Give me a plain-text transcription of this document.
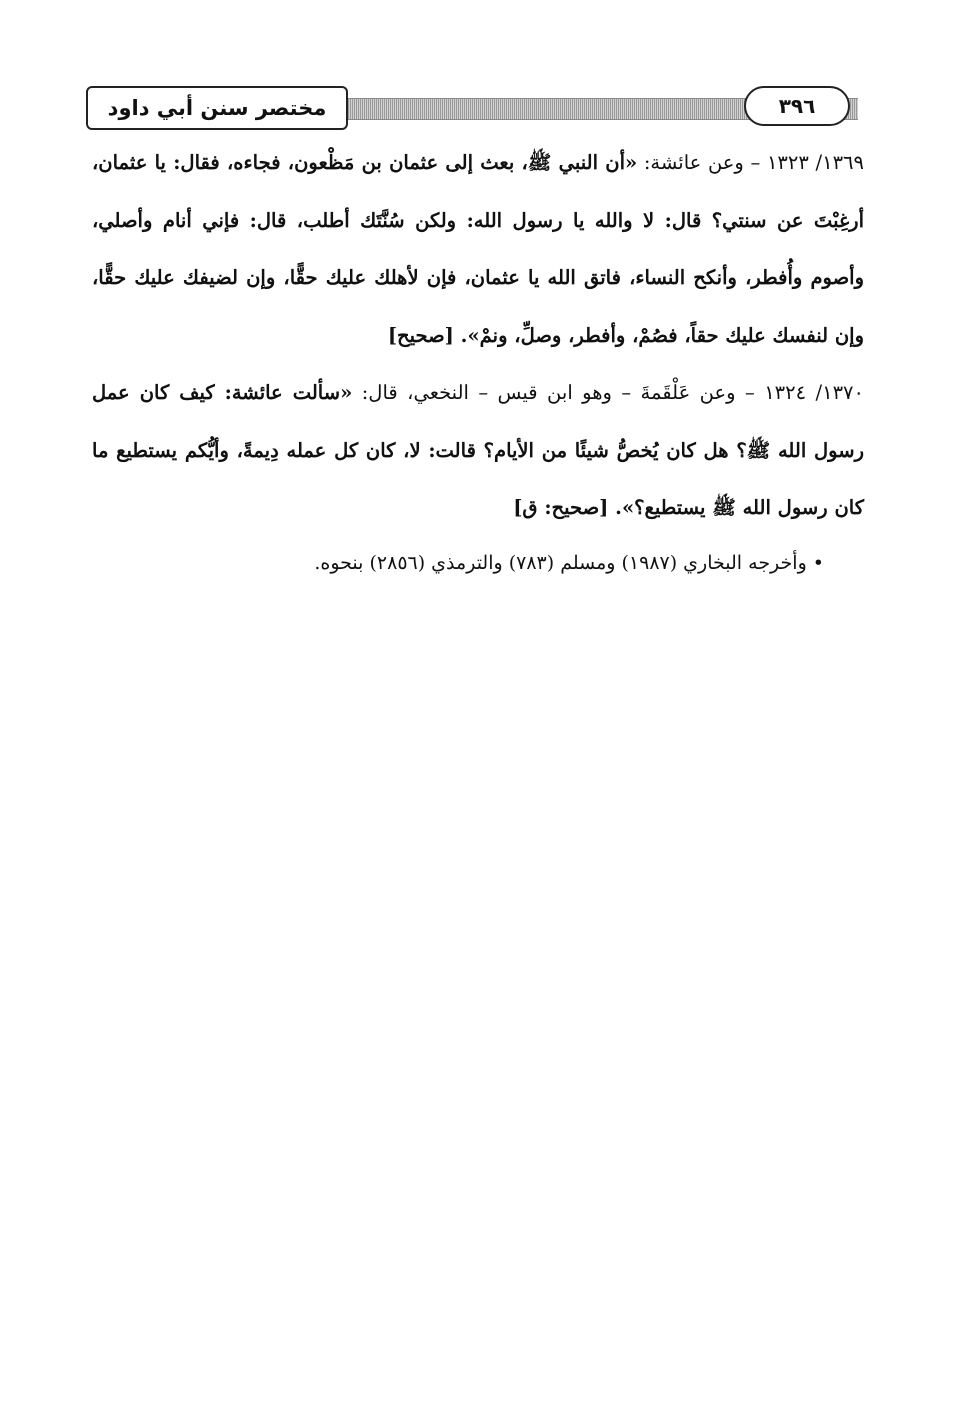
مختصر سنن أبي داود	٣٩٦

١٣٦٩/ ١٣٢٣ – وعن عائشة: «أن النبي ﷺ، بعث إلى عثمان بن مَظْعون، فجاءه، فقال: يا عثمان، أرغِبْتَ عن سنتي؟ قال: لا والله يا رسول الله: ولكن سُنَّتَك أطلب، قال: فإني أنام وأصلي، وأصوم وأُفطر، وأنكح النساء، فاتق الله يا عثمان، فإن لأهلك عليك حقًّا، وإن لضيفك عليك حقًّا، وإن لنفسك عليك حقاً، فصُمْ، وأفطر، وصلِّ، ونمْ». [صحيح]

١٣٧٠/ ١٣٢٤ – وعن عَلْقَمةَ – وهو ابن قيس – النخعي، قال: «سألت عائشة: كيف كان عمل رسول الله ﷺ؟ هل كان يُخصُّ شيئًا من الأيام؟ قالت: لا، كان كل عمله دِيمةً، وأيُّكم يستطيع ما كان رسول الله ﷺ يستطيع؟». [صحيح: ق]

• وأخرجه البخاري (١٩٨٧) ومسلم (٧٨٣) والترمذي (٢٨٥٦) بنحوه.
